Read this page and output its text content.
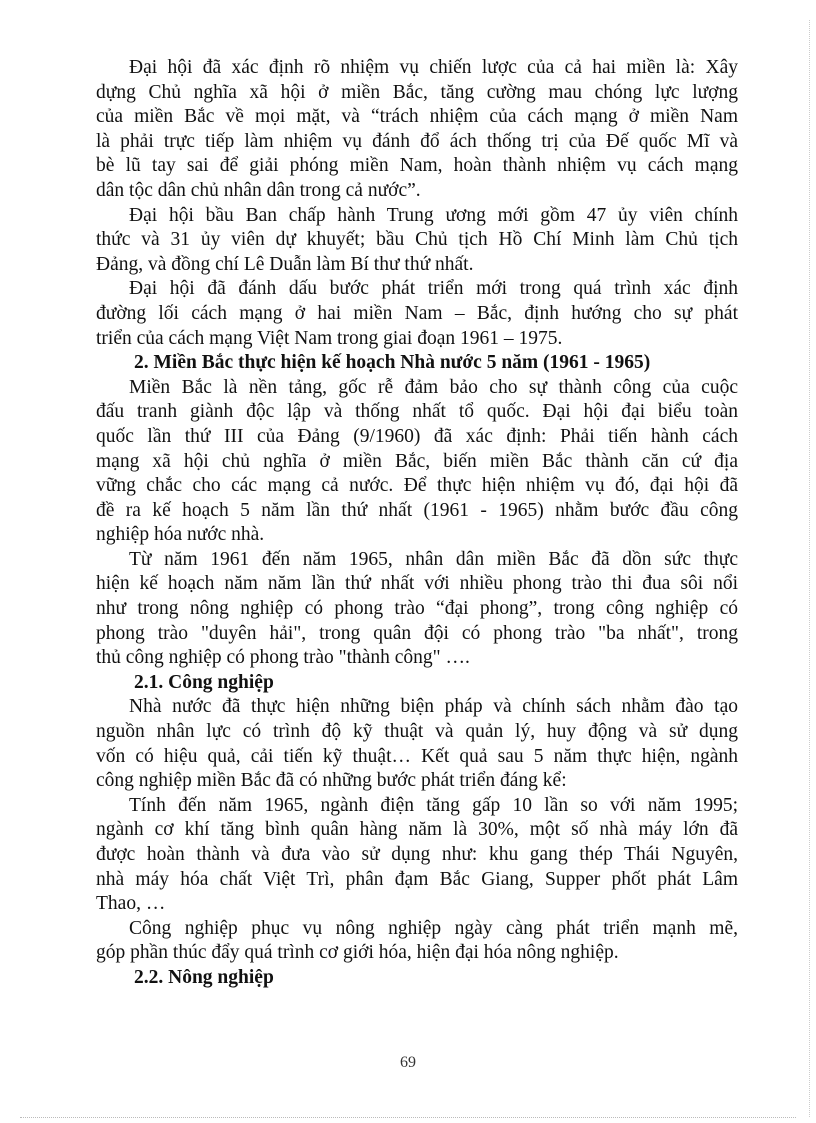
Đại hội đã xác định rõ nhiệm vụ chiến lược của cả hai miền là: Xây
dựng Chủ nghĩa xã hội ở miền Bắc, tăng cường mau chóng lực lượng
của miền Bắc về mọi mặt, và “trách nhiệm của cách mạng ở miền Nam
là phải trực tiếp làm nhiệm vụ đánh đổ ách thống trị của Đế quốc Mĩ và
bè lũ tay sai để giải phóng miền Nam, hoàn thành nhiệm vụ cách mạng
dân tộc dân chủ nhân dân trong cả nước”.
Đại hội bầu Ban chấp hành Trung ương mới gồm 47 ủy viên chính
thức và 31 ủy viên dự khuyết; bầu Chủ tịch Hồ Chí Minh làm Chủ tịch
Đảng, và đồng chí Lê Duẫn làm Bí thư thứ nhất.
Đại hội đã đánh dấu bước phát triển mới trong quá trình xác định
đường lối cách mạng ở hai miền Nam – Bắc, định hướng cho sự phát
triển của cách mạng Việt Nam trong giai đoạn 1961 – 1975.
2. Miền Bắc thực hiện kế hoạch Nhà nước 5 năm (1961 - 1965)
Miền Bắc là nền tảng, gốc rễ đảm bảo cho sự thành công của cuộc
đấu tranh giành độc lập và thống nhất tổ quốc. Đại hội đại biểu toàn
quốc lần thứ III của Đảng (9/1960) đã xác định: Phải tiến hành cách
mạng xã hội chủ nghĩa ở miền Bắc, biến miền Bắc thành căn cứ địa
vững chắc cho các mạng cả nước. Để thực hiện nhiệm vụ đó, đại hội đã
đề ra kế hoạch 5 năm lần thứ nhất (1961 - 1965) nhằm bước đầu công
nghiệp hóa nước nhà.
Từ năm 1961 đến năm 1965, nhân dân miền Bắc đã dồn sức thực
hiện kế hoạch năm năm lần thứ nhất với nhiều phong trào thi đua sôi nổi
như trong nông nghiệp có phong trào “đại phong”, trong công nghiệp có
phong trào "duyên hải", trong quân đội có phong trào "ba nhất", trong
thủ công nghiệp có phong trào "thành công" ….
2.1. Công nghiệp
Nhà nước đã thực hiện những biện pháp và chính sách nhằm đào tạo
nguồn nhân lực có trình độ kỹ thuật và quản lý, huy động và sử dụng
vốn có hiệu quả, cải tiến kỹ thuật… Kết quả sau 5 năm thực hiện, ngành
công nghiệp miền Bắc đã có những bước phát triển đáng kể:
Tính đến năm 1965, ngành điện tăng gấp 10 lần so với năm 1995;
ngành cơ khí tăng bình quân hàng năm là 30%, một số nhà máy lớn đã
được hoàn thành và đưa vào sử dụng như: khu gang thép Thái Nguyên,
nhà máy hóa chất Việt Trì, phân đạm Bắc Giang, Supper phốt phát Lâm
Thao, …
Công nghiệp phục vụ nông nghiệp ngày càng phát triển mạnh mẽ,
góp phần thúc đẩy quá trình cơ giới hóa, hiện đại hóa nông nghiệp.
2.2. Nông nghiệp
69
